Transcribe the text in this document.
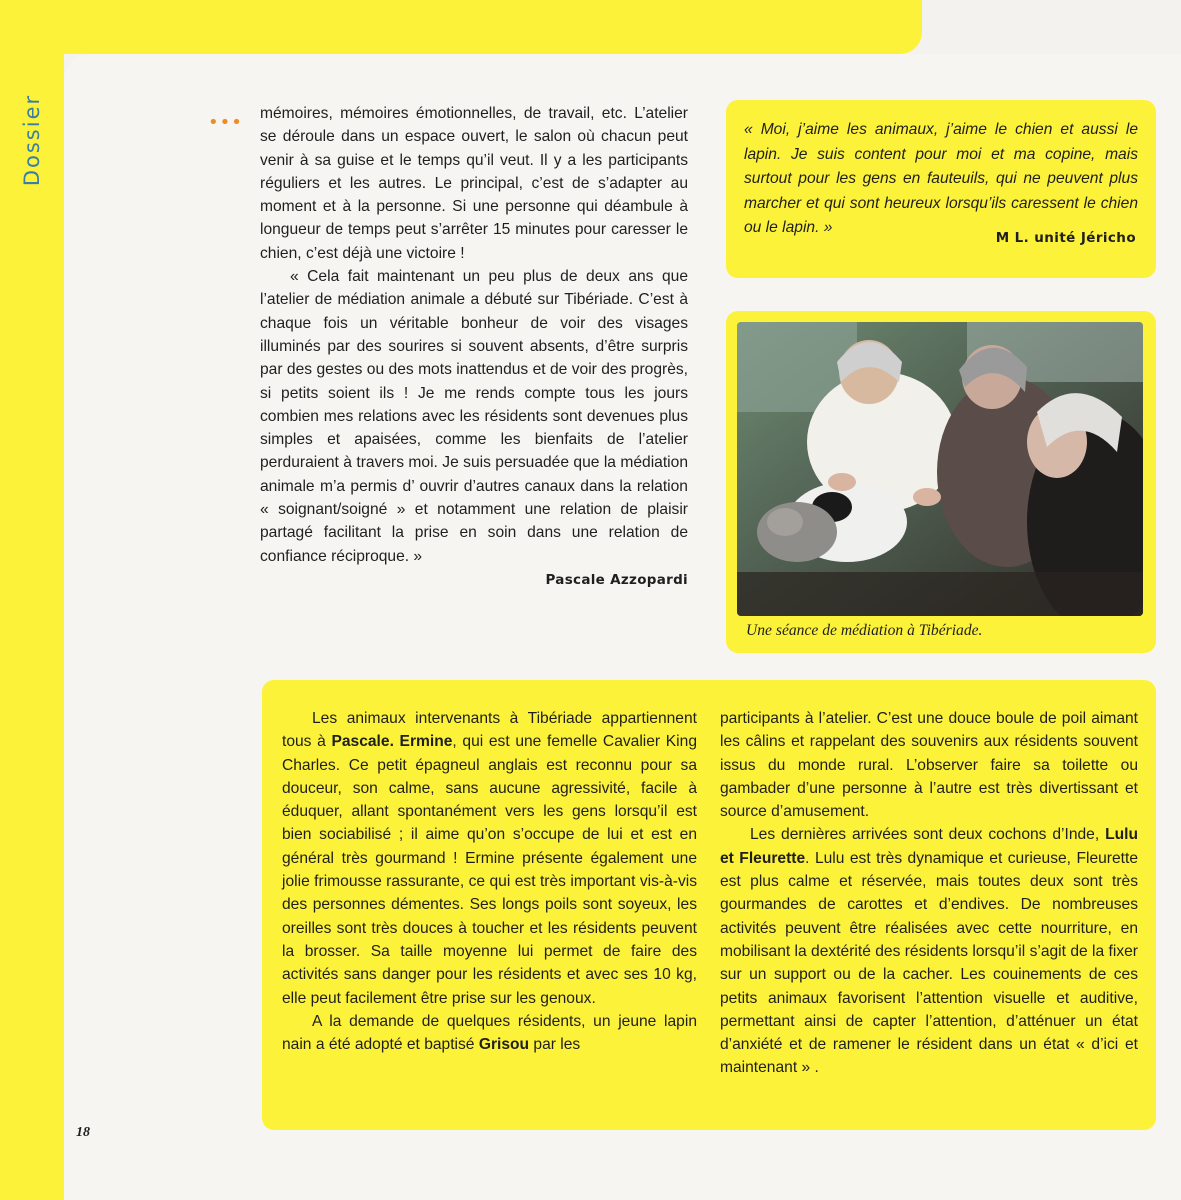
Dossier	••• mémoires, mémoires émotionnelles, de travail, etc. L’atelier se déroule dans un espace ouvert, le salon où chacun peut venir à sa guise et le temps qu’il veut. Il y a les participants réguliers et les autres. Le principal, c’est de s’adapter au moment et à la personne. Si une personne qui déambule à longueur de temps peut s’arrêter 15 minutes pour caresser le chien, c’est déjà une victoire !

« Cela fait maintenant un peu plus de deux ans que l’atelier de médiation animale a débuté sur Tibériade. C’est à chaque fois un véritable bonheur de voir des visages illuminés par des sourires si souvent absents, d’être surpris par des gestes ou des mots inattendus et de voir des progrès, si petits soient ils ! Je me rends compte tous les jours combien mes relations avec les résidents sont devenues plus simples et apaisées, comme les bienfaits de l’atelier perduraient à travers moi. Je suis persuadée que la médiation animale m’a permis d’ ouvrir d’autres canaux dans la relation « soignant/soigné » et notamment une relation de plaisir partagé facilitant la prise en soin dans une relation de confiance réciproque. »

Pascale Azzopardi

« Moi, j’aime les animaux, j’aime le chien et aussi le lapin. Je suis content pour moi et ma copine, mais surtout pour les gens en fauteuils, qui ne peuvent plus marcher et qui sont heureux lorsqu’ils caressent le chien ou le lapin. »

M L. unité Jéricho
Une séance de médiation à Tibériade.

Les animaux intervenants à Tibériade appartiennent tous à Pascale. Ermine, qui est une femelle Cavalier King Charles. Ce petit épagneul anglais est reconnu pour sa douceur, son calme, sans aucune agressivité, facile à éduquer, allant spontanément vers les gens lorsqu’il est bien sociabilisé ; il aime qu’on s’occupe de lui et est en général très gourmand ! Ermine présente également une jolie frimousse rassurante, ce qui est très important vis-à-vis des personnes démentes. Ses longs poils sont soyeux, les oreilles sont très douces à toucher et les résidents peuvent la brosser. Sa taille moyenne lui permet de faire des activités sans danger pour les résidents et avec ses 10 kg, elle peut facilement être prise sur les genoux.

A la demande de quelques résidents, un jeune lapin nain a été adopté et baptisé Grisou par les

participants à l’atelier. C’est une douce boule de poil aimant les câlins et rappelant des souvenirs aux résidents souvent issus du monde rural. L’observer faire sa toilette ou gambader d’une personne à l’autre est très divertissant et source d’amusement.

Les dernières arrivées sont deux cochons d’Inde, Lulu et Fleurette. Lulu est très dynamique et curieuse, Fleurette est plus calme et réservée, mais toutes deux sont très gourmandes de carottes et d’endives. De nombreuses activités peuvent être réalisées avec cette nourriture, en mobilisant la dextérité des résidents lorsqu’il s’agit de la fixer sur un support ou de la cacher. Les couinements de ces petits animaux favorisent l’attention visuelle et auditive, permettant ainsi de capter l’attention, d’atténuer un état d’anxiété et de ramener le résident dans un état « d’ici et maintenant » .

18
